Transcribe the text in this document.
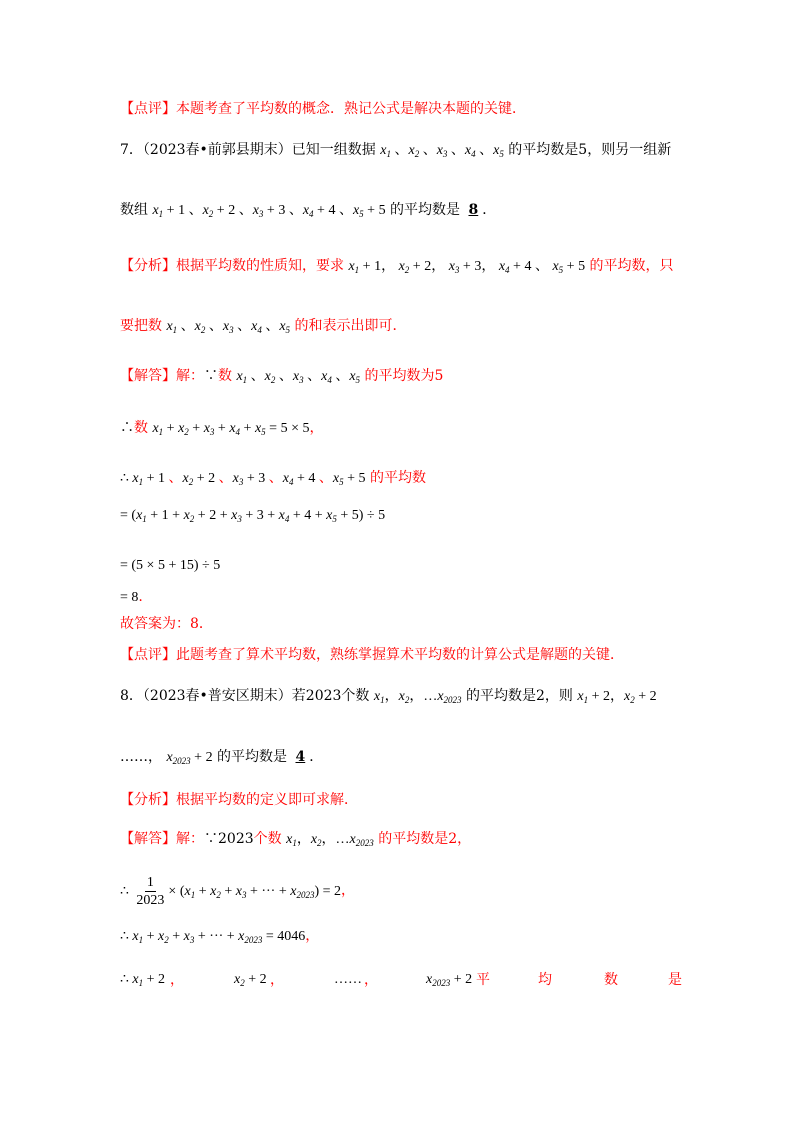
【点评】本题考查了平均数的概念．熟记公式是解决本题的关键．
7．（2023春•前郭县期末）已知一组数据 $x_1$ 、$x_2$ 、$x_3$ 、$x_4$ 、$x_5$ 的平均数是5，则另一组新
数组 $x_1 + 1$ 、$x_2 + 2$ 、$x_3 + 3$ 、$x_4 + 4$ 、$x_5 + 5$ 的平均数是 8 ．
【分析】根据平均数的性质知，要求 $x_1 + 1$， $x_2 + 2$， $x_3 + 3$， $x_4 + 4$ 、 $x_5 + 5$ 的平均数，只
要把数 $x_1$ 、$x_2$ 、$x_3$ 、$x_4$ 、$x_5$ 的和表示出即可．
【解答】解：∵数 $x_1$ 、$x_2$ 、$x_3$ 、$x_4$ 、$x_5$ 的平均数为5
∴数 $x_1 + x_2 + x_3 + x_4 + x_5 = 5 \times 5$，
∴ $x_1 + 1$ 、$x_2 + 2$ 、$x_3 + 3$ 、$x_4 + 4$ 、$x_5 + 5$ 的平均数
= $(x_1 + 1 + x_2 + 2 + x_3 + 3 + x_4 + 4 + x_5 + 5) \div 5$
= (5 × 5 + 15) ÷ 5
= 8.
故答案为：8．
【点评】此题考查了算术平均数，熟练掌握算术平均数的计算公式是解题的关键．
8．（2023春•普安区期末）若2023个数 $x_1$，$x_2$，$\dots x_{2023}$ 的平均数是2，则 $x_1 + 2$，$x_2 + 2$
……， $x_{2023} + 2$ 的平均数是 4 ．
【分析】根据平均数的定义即可求解．
【解答】解：∵2023个数 $x_1$，$x_2$，$\dots x_{2023}$ 的平均数是2，
∴ $\frac{1}{2023} \times (x_1 + x_2 + x_3$ + ··· + $x_{2023}) = 2$，
∴ $x_1 + x_2 + x_3$ + ··· + $x_{2023} = 4046$，
∴ $x_1 + 2$ ，	$x_2 + 2$ ，	…… ，	$x_{2023} + 2$ 平	均	数	是
